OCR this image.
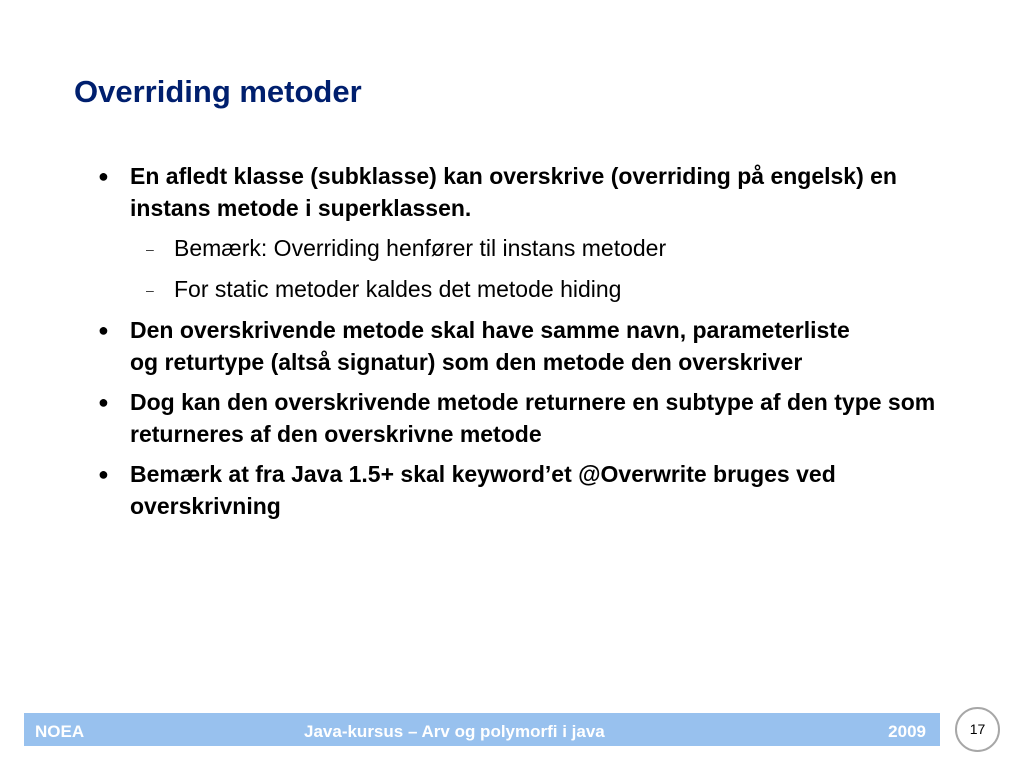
Overriding metoder
● En afledt klasse (subklasse) kan overskrive (overriding på engelsk) en instans metode i superklassen.
– Bemærk: Overriding henfører til instans metoder
– For static metoder kaldes det metode hiding
● Den overskrivende metode skal have samme navn, parameterliste og returtype (altså signatur) som den metode den overskriver
● Dog kan den overskrivende metode returnere en subtype af den type som returneres af den overskrivne metode
● Bemærk at fra Java 1.5+ skal keyword’et @Overwrite bruges ved overskrivning
NOEA	Java-kursus – Arv og polymorfi i java	2009	17
